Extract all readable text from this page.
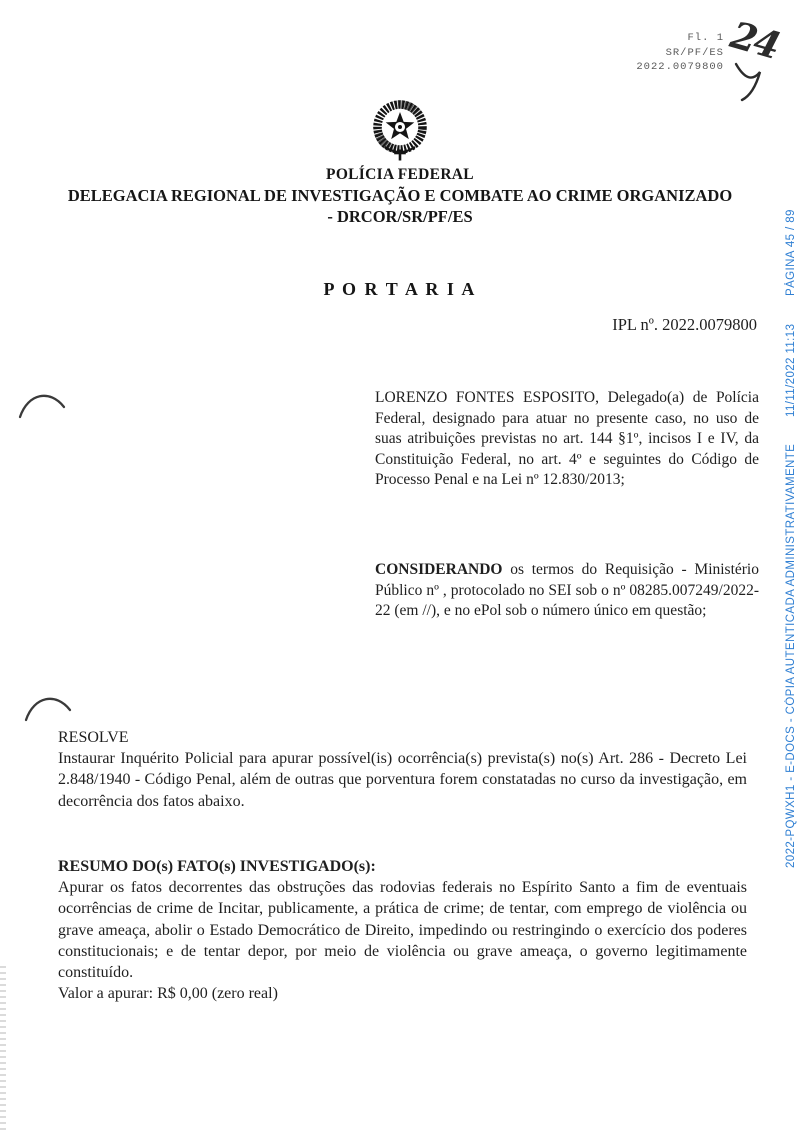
Fl. 1
SR/PF/ES
2022.0079800 24
POLÍCIA FEDERAL
DELEGACIA REGIONAL DE INVESTIGAÇÃO E COMBATE AO CRIME ORGANIZADO
- DRCOR/SR/PF/ES
P O R T A R I A
IPL nº. 2022.0079800
LORENZO FONTES ESPOSITO, Delegado(a) de Polícia Federal, designado para atuar no presente caso, no uso de suas atribuições previstas no art. 144 §1º, incisos I e IV, da Constituição Federal, no art. 4º e seguintes do Código de Processo Penal e na Lei nº 12.830/2013;
CONSIDERANDO os termos do Requisição - Ministério Público nº , protocolado no SEI sob o nº 08285.007249/2022-22 (em //), e no ePol sob o número único em questão;
RESOLVE
Instaurar Inquérito Policial para apurar possível(is) ocorrência(s) prevista(s) no(s) Art. 286 - Decreto Lei 2.848/1940 - Código Penal, além de outras que porventura forem constatadas no curso da investigação, em decorrência dos fatos abaixo.
RESUMO DO(s) FATO(s) INVESTIGADO(s):
Apurar os fatos decorrentes das obstruções das rodovias federais no Espírito Santo a fim de eventuais ocorrências de crime de Incitar, publicamente, a prática de crime; de tentar, com emprego de violência ou grave ameaça, abolir o Estado Democrático de Direito, impedindo ou restringindo o exercício dos poderes constitucionais; e de tentar depor, por meio de violência ou grave ameaça, o governo legitimamente constituído.
Valor a apurar: R$ 0,00 (zero real)
2022-PQWXH1 - E-DOCS - CÓPIA AUTENTICADA ADMINISTRATIVAMENTE11/11/2022 11:13PÁGINA 45 / 89
